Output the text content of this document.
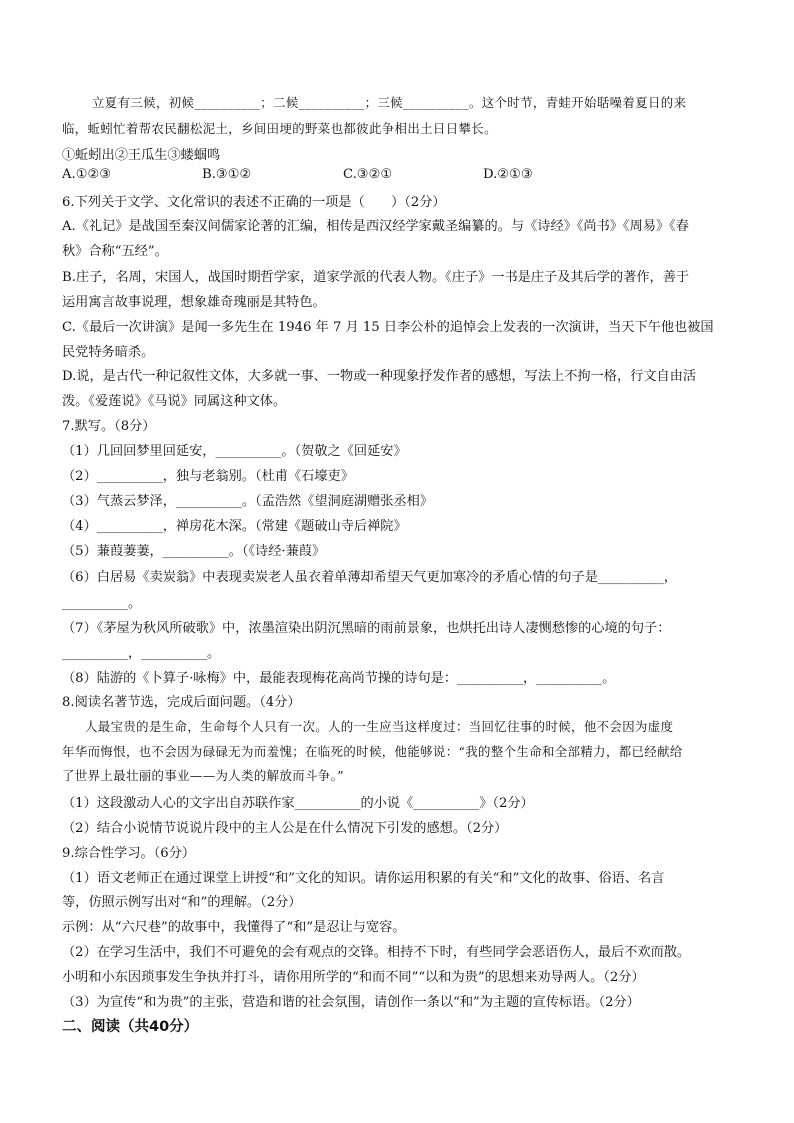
立夏有三候，初候__________；二候__________；三候__________。这个时节，青蛙开始聒噪着夏日的来
临，蚯蚓忙着帮农民翻松泥土，乡间田埂的野菜也都彼此争相出土日日攀长。
①蚯蚓出②王瓜生③蝼蝈鸣
A.①②③	B.③①②	C.③②①	D.②①③
6.下列关于文学、文化常识的表述不正确的一项是（　　）（2分）
A.《礼记》是战国至秦汉间儒家论著的汇编，相传是西汉经学家戴圣编纂的。与《诗经》《尚书》《周易》《春
秋》合称“五经”。
B.庄子，名周，宋国人，战国时期哲学家，道家学派的代表人物。《庄子》一书是庄子及其后学的著作，善于
运用寓言故事说理，想象雄奇瑰丽是其特色。
C.《最后一次讲演》是闻一多先生在 1946 年 7 月 15 日李公朴的追悼会上发表的一次演讲，当天下午他也被国
民党特务暗杀。
D.说，是古代一种记叙性文体，大多就一事、一物或一种现象抒发作者的感想，写法上不拘一格，行文自由活
泼。《爱莲说》《马说》同属这种文体。
7.默写。（8分）
（1）几回回梦里回延安，__________。（贺敬之《回延安》
（2）__________，独与老翁别。（杜甫《石壕吏》
（3）气蒸云梦泽，__________。（孟浩然《望洞庭湖赠张丞相》
（4）__________，禅房花木深。（常建《题破山寺后禅院》
（5）蒹葭萋萋，__________。（《诗经·蒹葭》
（6）白居易《卖炭翁》中表现卖炭老人虽衣着单薄却希望天气更加寒冷的矛盾心情的句子是__________，
__________。
（7）《茅屋为秋风所破歌》中，浓墨渲染出阴沉黑暗的雨前景象，也烘托出诗人凄恻愁惨的心境的句子：
__________，__________。
（8）陆游的《卜算子·咏梅》中，最能表现梅花高尚节操的诗句是：__________，__________。
8.阅读名著节选，完成后面问题。（4分）
人最宝贵的是生命，生命每个人只有一次。人的一生应当这样度过：当回忆往事的时候，他不会因为虚度
年华而悔恨，也不会因为碌碌无为而羞愧；在临死的时候，他能够说：“我的整个生命和全部精力，都已经献给
了世界上最壮丽的事业——为人类的解放而斗争。”
（1）这段激动人心的文字出自苏联作家__________的小说《__________》（2分）
（2）结合小说情节说说片段中的主人公是在什么情况下引发的感想。（2分）
9.综合性学习。（6分）
（1）语文老师正在通过课堂上讲授“和”文化的知识。请你运用积累的有关“和”文化的故事、俗语、名言
等，仿照示例写出对“和”的理解。（2分）
示例：从“六尺巷”的故事中，我懂得了“和”是忍让与宽容。
（2）在学习生活中，我们不可避免的会有观点的交锋。相持不下时，有些同学会恶语伤人，最后不欢而散。
小明和小东因琐事发生争执并打斗，请你用所学的“和而不同”“以和为贵”的思想来劝导两人。（2分）
（3）为宣传“和为贵”的主张，营造和谐的社会氛围，请创作一条以“和”为主题的宣传标语。（2分）
二、阅读（共40分）
